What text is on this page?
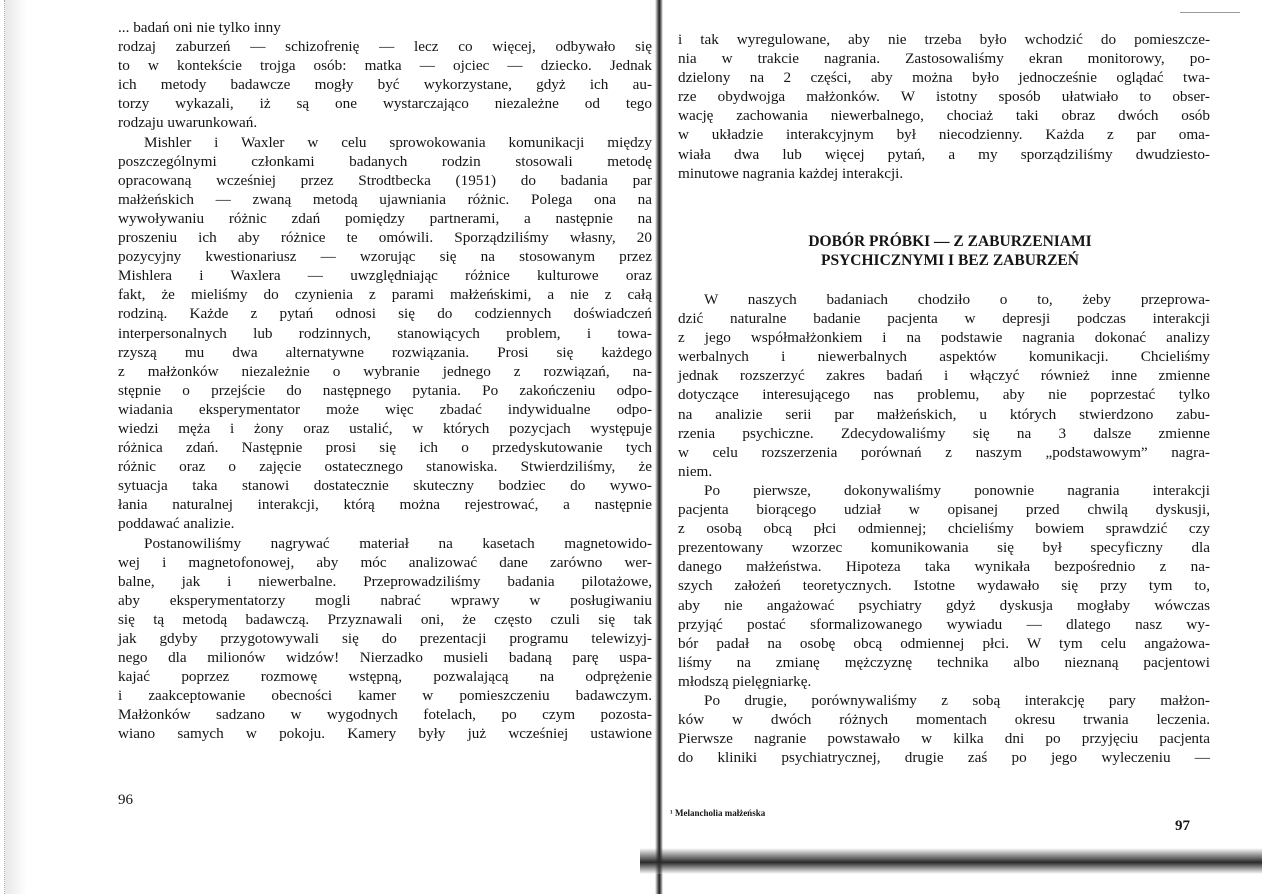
... badań oni nie tylko inny
rodzaj zaburzeń — schizofrenię — lecz co więcej, odbywało się
to w kontekście trojga osób: matka — ojciec — dziecko. Jednak
ich metody badawcze mogły być wykorzystane, gdyż ich au-
torzy wykazali, iż są one wystarczająco niezależne od tego
rodzaju uwarunkowań.
Mishler i Waxler w celu sprowokowania komunikacji między
poszczególnymi członkami badanych rodzin stosowali metodę
opracowaną wcześniej przez Strodtbecka (1951) do badania par
małżeńskich — zwaną metodą ujawniania różnic. Polega ona na
wywoływaniu różnic zdań pomiędzy partnerami, a następnie na
proszeniu ich aby różnice te omówili. Sporządziliśmy własny, 20
pozycyjny kwestionariusz — wzorując się na stosowanym przez
Mishlera i Waxlera — uwzględniając różnice kulturowe oraz
fakt, że mieliśmy do czynienia z parami małżeńskimi, a nie z całą
rodziną. Każde z pytań odnosi się do codziennych doświadczeń
interpersonalnych lub rodzinnych, stanowiących problem, i towa-
rzyszą mu dwa alternatywne rozwiązania. Prosi się każdego
z małżonków niezależnie o wybranie jednego z rozwiązań, na-
stępnie o przejście do następnego pytania. Po zakończeniu odpo-
wiadania eksperymentator może więc zbadać indywidualne odpo-
wiedzi męża i żony oraz ustalić, w których pozycjach występuje
różnica zdań. Następnie prosi się ich o przedyskutowanie tych
różnic oraz o zajęcie ostatecznego stanowiska. Stwierdziliśmy, że
sytuacja taka stanowi dostatecznie skuteczny bodziec do wywo-
łania naturalnej interakcji, którą można rejestrować, a następnie
poddawać analizie.
Postanowiliśmy nagrywać materiał na kasetach magnetowido-
wej i magnetofonowej, aby móc analizować dane zarówno wer-
balne, jak i niewerbalne. Przeprowadziliśmy badania pilotażowe,
aby eksperymentatorzy mogli nabrać wprawy w posługiwaniu
się tą metodą badawczą. Przyznawali oni, że często czuli się tak
jak gdyby przygotowywali się do prezentacji programu telewizyj-
nego dla milionów widzów! Nierzadko musieli badaną parę uspa-
kajać poprzez rozmowę wstępną, pozwalającą na odprężenie
i zaakceptowanie obecności kamer w pomieszczeniu badawczym.
Małżonków sadzano w wygodnych fotelach, po czym pozosta-
wiano samych w pokoju. Kamery były już wcześniej ustawione
96
i tak wyregulowane, aby nie trzeba było wchodzić do pomieszcze-
nia w trakcie nagrania. Zastosowaliśmy ekran monitorowy, po-
dzielony na 2 części, aby można było jednocześnie oglądać twa-
rze obydwojga małżonków. W istotny sposób ułatwiało to obser-
wację zachowania niewerbalnego, chociaż taki obraz dwóch osób
w układzie interakcyjnym był niecodzienny. Każda z par oma-
wiała dwa lub więcej pytań, a my sporządziliśmy dwudziesto-
minutowe nagrania każdej interakcji.
DOBÓR PRÓBKI — Z ZABURZENIAMI
PSYCHICZNYMI I BEZ ZABURZEŃ
W naszych badaniach chodziło o to, żeby przeprowa-
dzić naturalne badanie pacjenta w depresji podczas interakcji
z jego współmałżonkiem i na podstawie nagrania dokonać analizy
werbalnych i niewerbalnych aspektów komunikacji. Chcieliśmy
jednak rozszerzyć zakres badań i włączyć również inne zmienne
dotyczące interesującego nas problemu, aby nie poprzestać tylko
na analizie serii par małżeńskich, u których stwierdzono zabu-
rzenia psychiczne. Zdecydowaliśmy się na 3 dalsze zmienne
w celu rozszerzenia porównań z naszym „podstawowym” nagra-
niem.
Po pierwsze, dokonywaliśmy ponownie nagrania interakcji
pacjenta biorącego udział w opisanej przed chwilą dyskusji,
z osobą obcą płci odmiennej; chcieliśmy bowiem sprawdzić czy
prezentowany wzorzec komunikowania się był specyficzny dla
danego małżeństwa. Hipoteza taka wynikała bezpośrednio z na-
szych założeń teoretycznych. Istotne wydawało się przy tym to,
aby nie angażować psychiatry gdyż dyskusja mogłaby wówczas
przyjąć postać sformalizowanego wywiadu — dlatego nasz wy-
bór padał na osobę obcą odmiennej płci. W tym celu angażowa-
liśmy na zmianę mężczyznę technika albo nieznaną pacjentowi
młodszą pielęgniarkę.
Po drugie, porównywaliśmy z sobą interakcję pary małżon-
ków w dwóch różnych momentach okresu trwania leczenia.
Pierwsze nagranie powstawało w kilka dni po przyjęciu pacjenta
do kliniki psychiatrycznej, drugie zaś po jego wyleczeniu —
¹ Melancholia małżeńska
97
